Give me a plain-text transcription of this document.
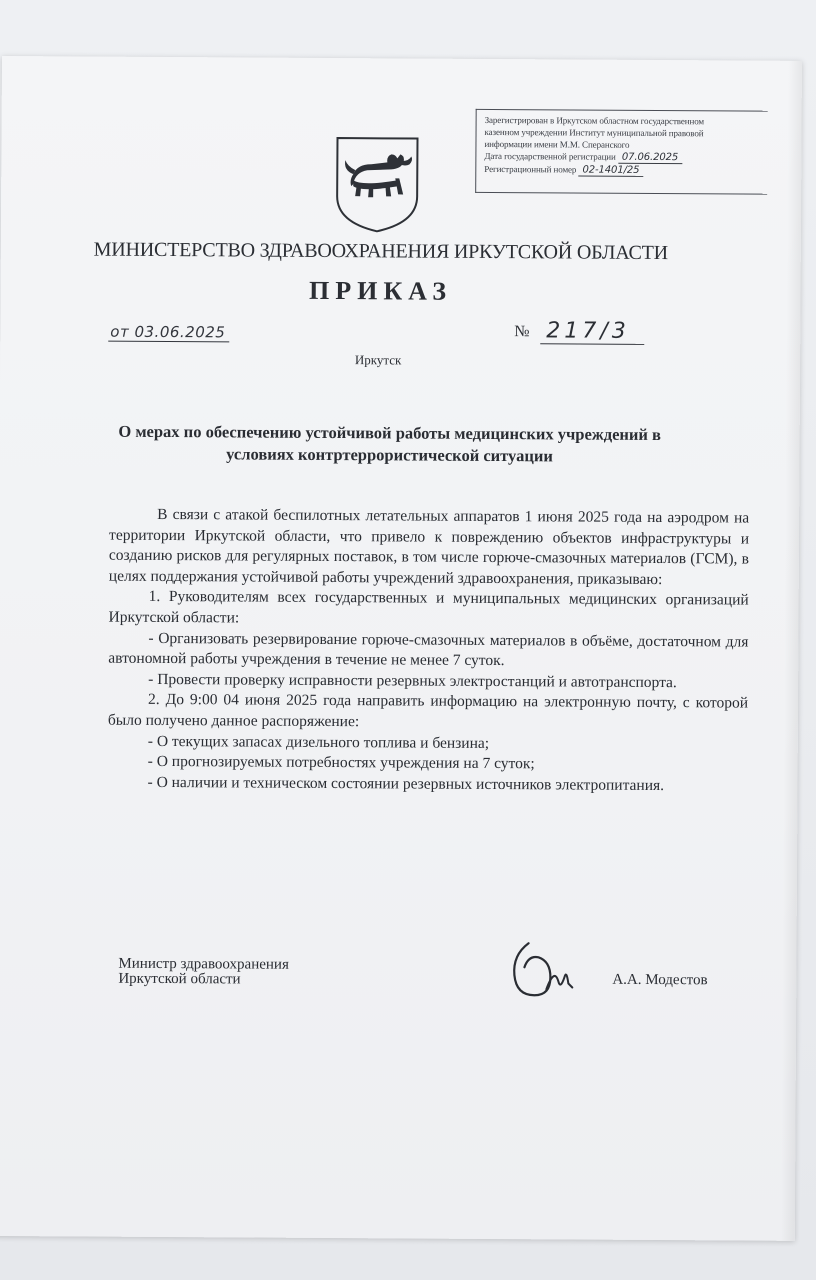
Зарегистрирован в Иркутском областном государственном
казенном учреждении Институт муниципальной правовой
информации имени М.М. Сперанского
Дата государственной регистрации 07.06.2025
Регистрационный номер 02-1401/25
МИНИСТЕРСТВО ЗДРАВООХРАНЕНИЯ ИРКУТСКОЙ ОБЛАСТИ
ПРИКАЗ
от 03.06.2025	№ 217/3
Иркутск
О мерах по обеспечению устойчивой работы медицинских учреждений в условиях контртеррористической ситуации

В связи с атакой беспилотных летательных аппаратов 1 июня 2025 года на аэродром на территории Иркутской области, что привело к повреждению объектов инфраструктуры и созданию рисков для регулярных поставок, в том числе горюче-смазочных материалов (ГСМ), в целях поддержания устойчивой работы учреждений здравоохранения, приказываю:

1. Руководителям всех государственных и муниципальных медицинских организаций Иркутской области:

- Организовать резервирование горюче-смазочных материалов в объёме, достаточном для автономной работы учреждения в течение не менее 7 суток.

- Провести проверку исправности резервных электростанций и автотранспорта.

2. До 9:00 04 июня 2025 года направить информацию на электронную почту, с которой было получено данное распоряжение:

- О текущих запасах дизельного топлива и бензина;

- О прогнозируемых потребностях учреждения на 7 суток;

- О наличии и техническом состоянии резервных источников электропитания.

Министр здравоохранения
Иркутской области	А.А. Модестов
